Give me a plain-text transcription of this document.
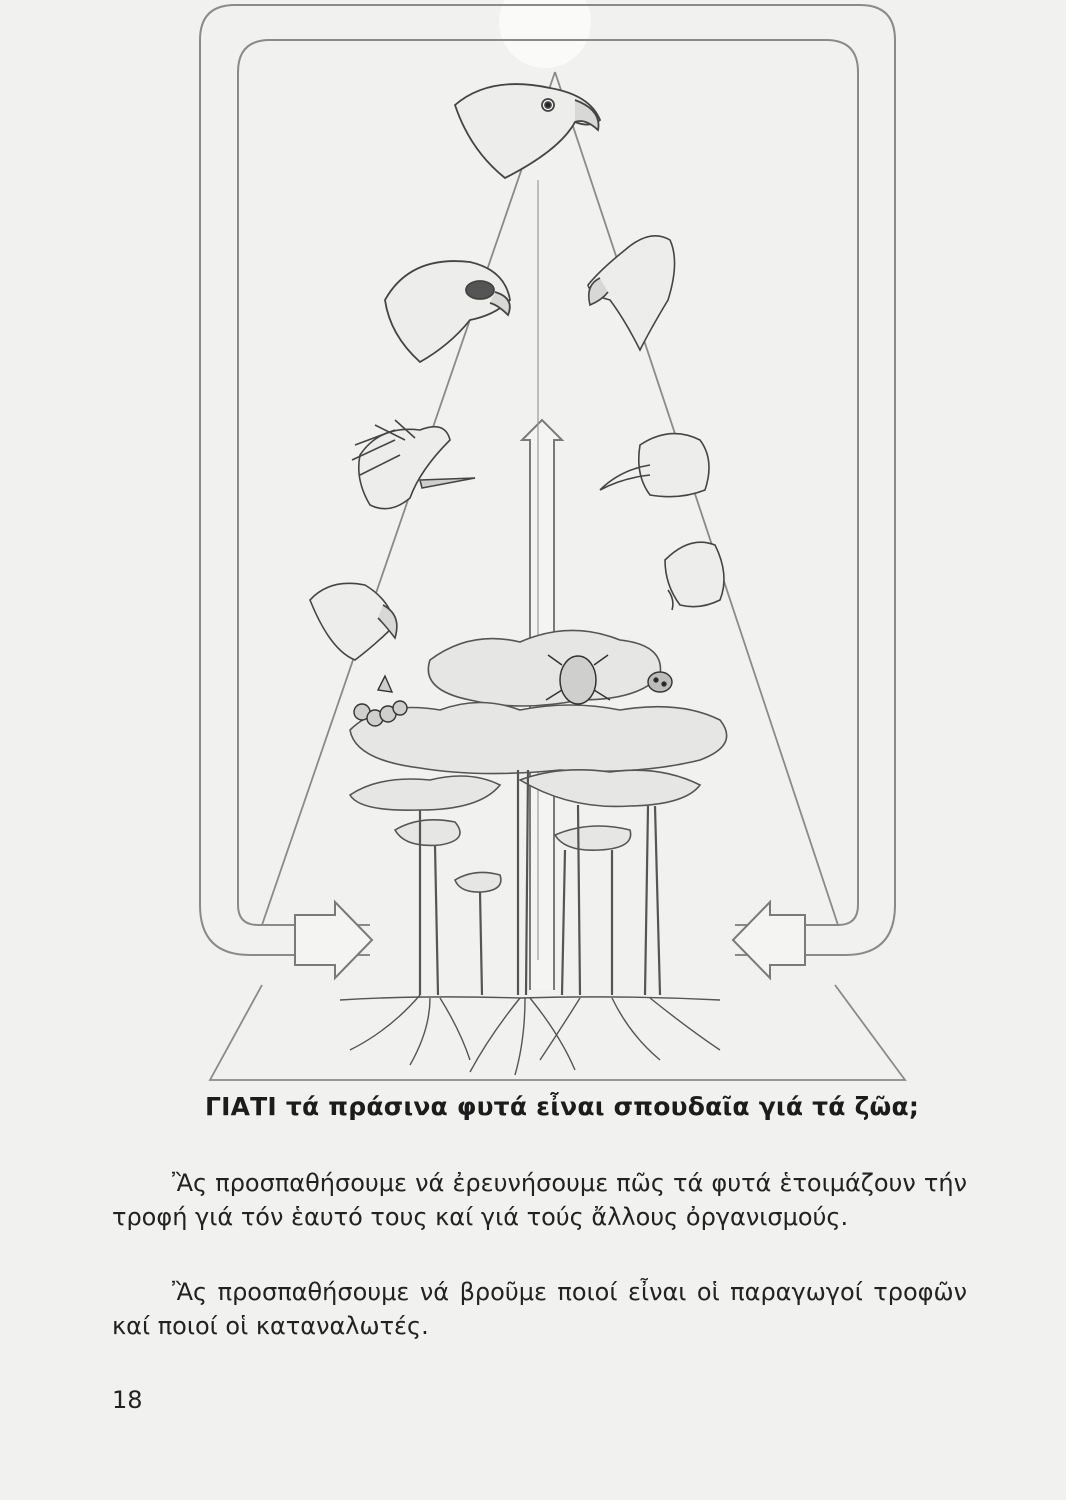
ΓΙΑΤΙ τά πράσινα φυτά εἶναι σπουδαῖα γιά τά ζῶα;

Ἂς προσπαθήσουμε νά ἐρευνήσουμε πῶς τά φυτά ἑτοιμάζουν τήν τροφή γιά τόν ἑαυτό τους καί γιά τούς ἄλλους ὀργανισμούς.

Ἂς προσπαθήσουμε νά βροῦμε ποιοί εἶναι οἱ παραγωγοί τροφῶν καί ποιοί οἱ καταναλωτές.

18
